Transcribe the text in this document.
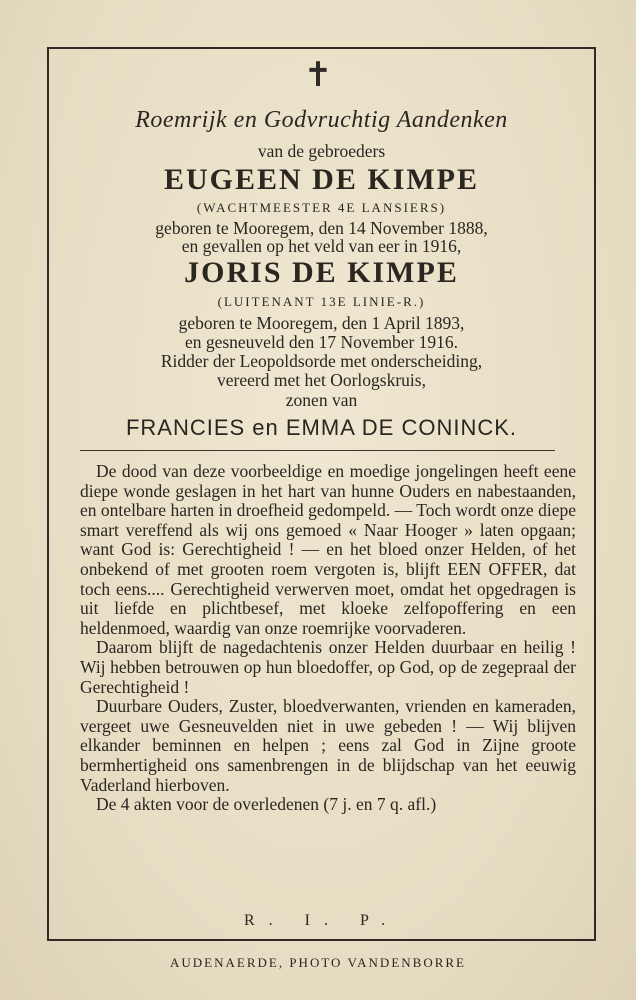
✝
Roemrijk en Godvruchtig Aandenken
van de gebroeders
EUGEEN DE KIMPE
(WACHTMEESTER 4E LANSIERS)
geboren te Mooregem, den 14 November 1888,
en gevallen op het veld van eer in 1916,
JORIS DE KIMPE
(LUITENANT 13E LINIE-R.)
geboren te Mooregem, den 1 April 1893,
en gesneuveld den 17 November 1916.
Ridder der Leopoldsorde met onderscheiding,
vereerd met het Oorlogskruis,
zonen van
FRANCIES en EMMA DE CONINCK.

De dood van deze voorbeeldige en moedige jongelingen heeft eene diepe wonde geslagen in het hart van hunne Ouders en nabestaanden, en ontelbare harten in droefheid gedompeld. — Toch wordt onze diepe smart vereffend als wij ons gemoed « Naar Hooger » laten opgaan; want God is: Gerechtigheid ! — en het bloed onzer Helden, of het onbekend of met grooten roem vergoten is, blijft EEN OFFER, dat toch eens.... Gerechtigheid verwerven moet, omdat het opgedragen is uit liefde en plichtbesef, met kloeke zelfopoffering en een heldenmoed, waardig van onze roemrijke voorvaderen.

Daarom blijft de nagedachtenis onzer Helden duurbaar en heilig ! Wij hebben betrouwen op hun bloedoffer, op God, op de zegepraal der Gerechtigheid !

Duurbare Ouders, Zuster, bloedverwanten, vrienden en kameraden, vergeet uwe Gesneuvelden niet in uwe gebeden ! — Wij blijven elkander beminnen en helpen ; eens zal God in Zijne groote bermhertigheid ons samenbrengen in de blijdschap van het eeuwig Vaderland hierboven.

De 4 akten voor de overledenen (7 j. en 7 q. afl.)

R. I. P.
AUDENAERDE, PHOTO VANDENBORRE
